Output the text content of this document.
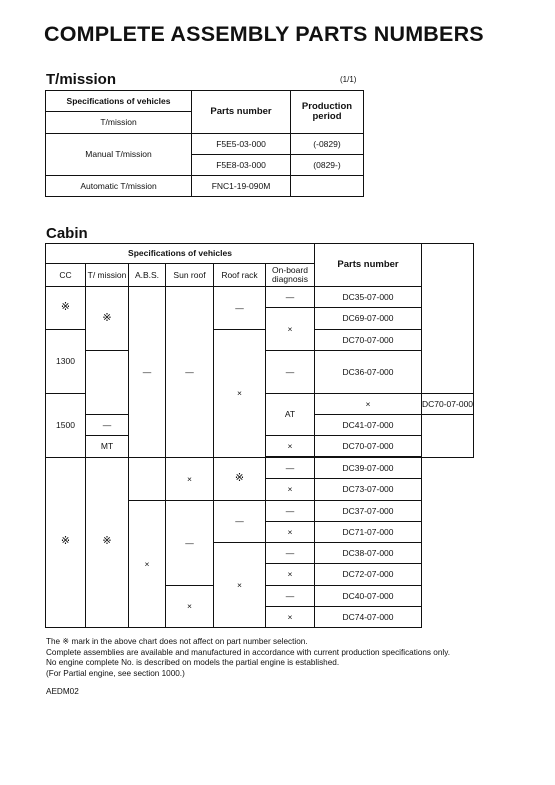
COMPLETE ASSEMBLY PARTS NUMBERS
T/mission	(1/1)
Specifications of vehicles	Parts number	Production period
T/mission		
Manual T/mission	F5E5-03-000	(-0829)
	F5E8-03-000	(0829-)
Automatic T/mission	FNC1-19-090M	
Cabin
Specifications of vehicles						Parts number	
CC	T/ mission	A.B.S.	Sun roof	Roof rack	On-board diagnosis		
※	※	—	—	—	—	DC35-07-000	
					×	DC69-07-000	
1300				×		DC70-07-000	
					—	DC36-07-000	
1500					AT	×	DC70-07-000
	—					DC41-07-000	
	MT				×	DC70-07-000	

※	※		×	※	—	DC39-07-000
					×	DC73-07-000
		×	—	—	—	DC37-07-000
					×	DC71-07-000
				×	—	DC38-07-000
					×	DC72-07-000
			×		—	DC40-07-000
					×	DC74-07-000
The ※ mark in the above chart does not affect on part number selection.
Complete assemblies are available and manufactured in accordance with current production specifications only.
No engine complete No. is described on models the partial engine is established.
(For Partial engine, see section 1000.)
AEDM02
